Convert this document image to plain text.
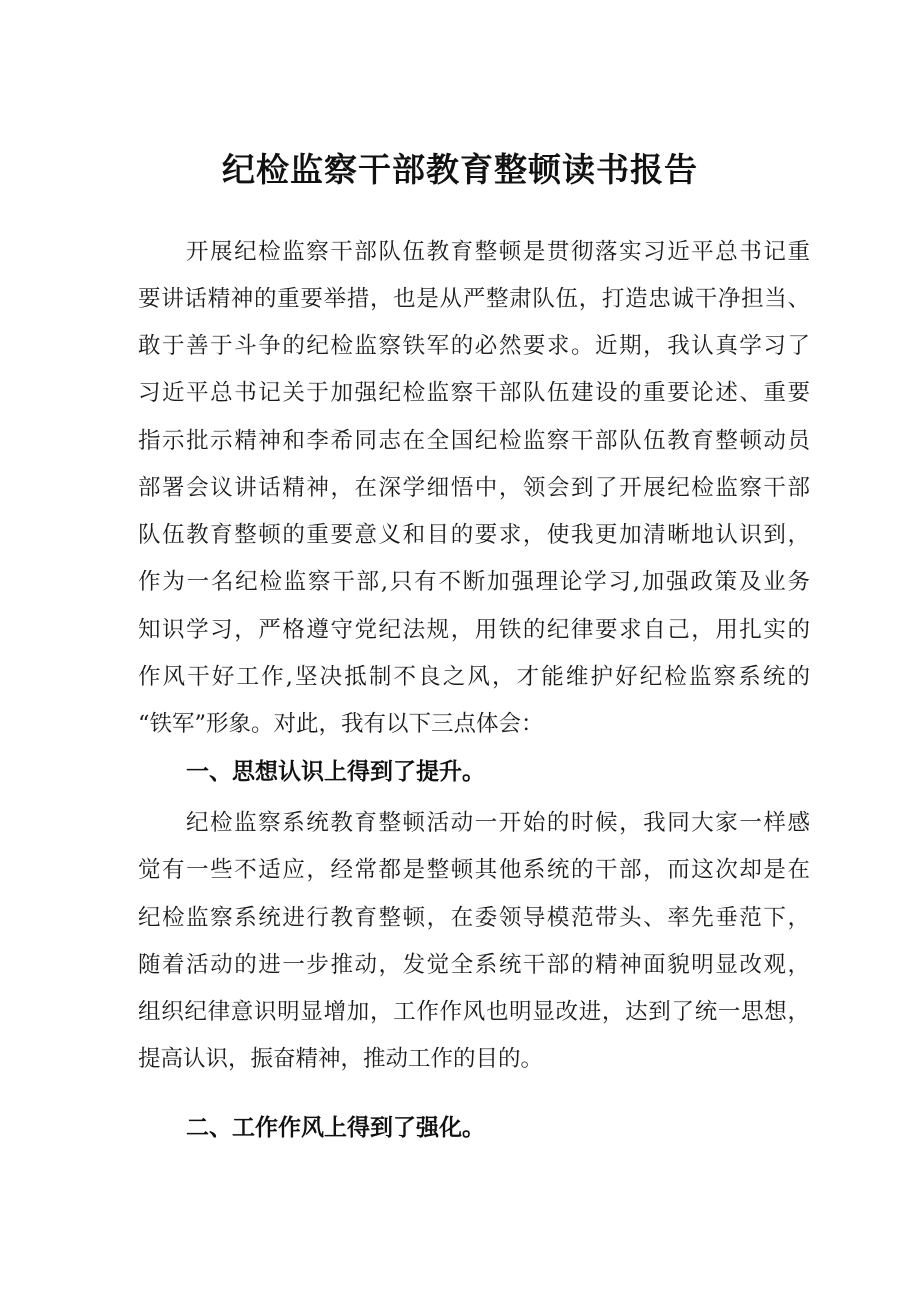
纪检监察干部教育整顿读书报告
开展纪检监察干部队伍教育整顿是贯彻落实习近平总书记重
要讲话精神的重要举措，也是从严整肃队伍，打造忠诚干净担当、
敢于善于斗争的纪检监察铁军的必然要求。近期，我认真学习了
习近平总书记关于加强纪检监察干部队伍建设的重要论述、重要
指示批示精神和李希同志在全国纪检监察干部队伍教育整顿动员
部署会议讲话精神，在深学细悟中，领会到了开展纪检监察干部
队伍教育整顿的重要意义和目的要求，使我更加清晰地认识到，
作为一名纪检监察干部,只有不断加强理论学习,加强政策及业务
知识学习，严格遵守党纪法规，用铁的纪律要求自己，用扎实的
作风干好工作,坚决抵制不良之风，才能维护好纪检监察系统的
“铁军”形象。对此，我有以下三点体会：
一、思想认识上得到了提升。
纪检监察系统教育整顿活动一开始的时候，我同大家一样感
觉有一些不适应，经常都是整顿其他系统的干部，而这次却是在
纪检监察系统进行教育整顿，在委领导模范带头、率先垂范下，
随着活动的进一步推动，发觉全系统干部的精神面貌明显改观，
组织纪律意识明显增加，工作作风也明显改进，达到了统一思想，
提高认识，振奋精神，推动工作的目的。
二、工作作风上得到了强化。
